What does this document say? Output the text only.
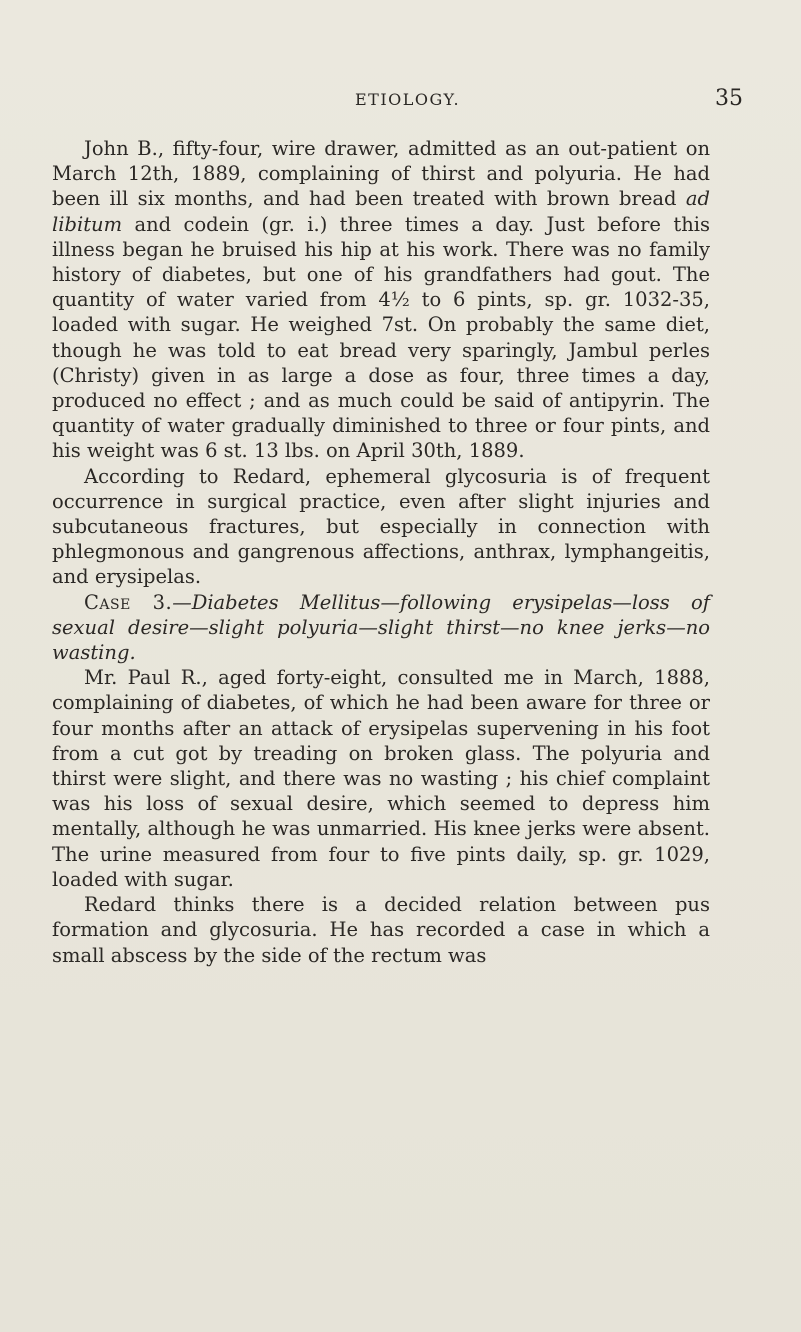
ETIOLOGY.	35

John B., fifty-four, wire drawer, admitted as an out-patient on March 12th, 1889, complaining of thirst and polyuria. He had been ill six months, and had been treated with brown bread ad libitum and codein (gr. i.) three times a day. Just before this illness began he bruised his hip at his work. There was no family history of diabetes, but one of his grandfathers had gout. The quantity of water varied from 4½ to 6 pints, sp. gr. 1032-35, loaded with sugar. He weighed 7st. On probably the same diet, though he was told to eat bread very sparingly, Jambul perles (Christy) given in as large a dose as four, three times a day, produced no effect ; and as much could be said of antipyrin. The quantity of water gradually diminished to three or four pints, and his weight was 6 st. 13 lbs. on April 30th, 1889.

According to Redard, ephemeral glycosuria is of frequent occurrence in surgical practice, even after slight injuries and subcutaneous fractures, but especially in connection with phlegmonous and gangrenous affections, anthrax, lymphangeitis, and erysipelas.

Case 3.—Diabetes Mellitus—following erysipelas—loss of sexual desire—slight polyuria—slight thirst—no knee jerks—no wasting.

Mr. Paul R., aged forty-eight, consulted me in March, 1888, complaining of diabetes, of which he had been aware for three or four months after an attack of erysipelas supervening in his foot from a cut got by treading on broken glass. The polyuria and thirst were slight, and there was no wasting ; his chief complaint was his loss of sexual desire, which seemed to depress him mentally, although he was unmarried. His knee jerks were absent. The urine measured from four to five pints daily, sp. gr. 1029, loaded with sugar.

Redard thinks there is a decided relation between pus formation and glycosuria. He has recorded a case in which a small abscess by the side of the rectum was
